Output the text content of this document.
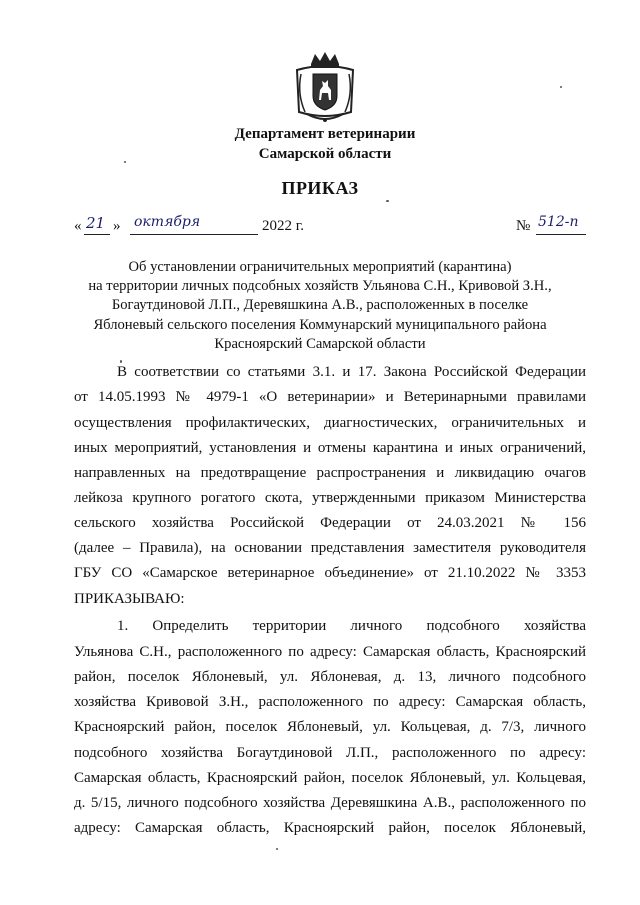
Департамент ветеринарии
Самарской области
ПРИКАЗ
« 21 » октября	2022 г.	№ 512-п
Об установлении ограничительных мероприятий (карантина)
на территории личных подсобных хозяйств Ульянова С.Н., Кривовой З.Н.,
Богаутдиновой Л.П., Деревяшкина А.В., расположенных в поселке
Яблоневый сельского поселения Коммунарский муниципального района
Красноярский Самарской области
В соответствии со статьями 3.1. и 17. Закона Российской Федерации
от 14.05.1993 № 4979-1 «О ветеринарии» и Ветеринарными правилами
осуществления профилактических, диагностических, ограничительных и
иных мероприятий, установления и отмены карантина и иных ограничений,
направленных на предотвращение распространения и ликвидацию очагов
лейкоза крупного рогатого скота, утвержденными приказом Министерства
сельского хозяйства Российской Федерации от 24.03.2021 № 156
(далее – Правила), на основании представления заместителя руководителя
ГБУ СО «Самарское ветеринарное объединение» от 21.10.2022 № 3353
ПРИКАЗЫВАЮ:
1. Определить территории личного подсобного хозяйства
Ульянова С.Н., расположенного по адресу: Самарская область, Красноярский
район, поселок Яблоневый, ул. Яблоневая, д. 13, личного подсобного
хозяйства Кривовой З.Н., расположенного по адресу: Самарская область,
Красноярский район, поселок Яблоневый, ул. Кольцевая, д. 7/3, личного
подсобного хозяйства Богаутдиновой Л.П., расположенного по адресу:
Самарская область, Красноярский район, поселок Яблоневый, ул. Кольцевая,
д. 5/15, личного подсобного хозяйства Деревяшкина А.В., расположенного по
адресу: Самарская область, Красноярский район, поселок Яблоневый,
